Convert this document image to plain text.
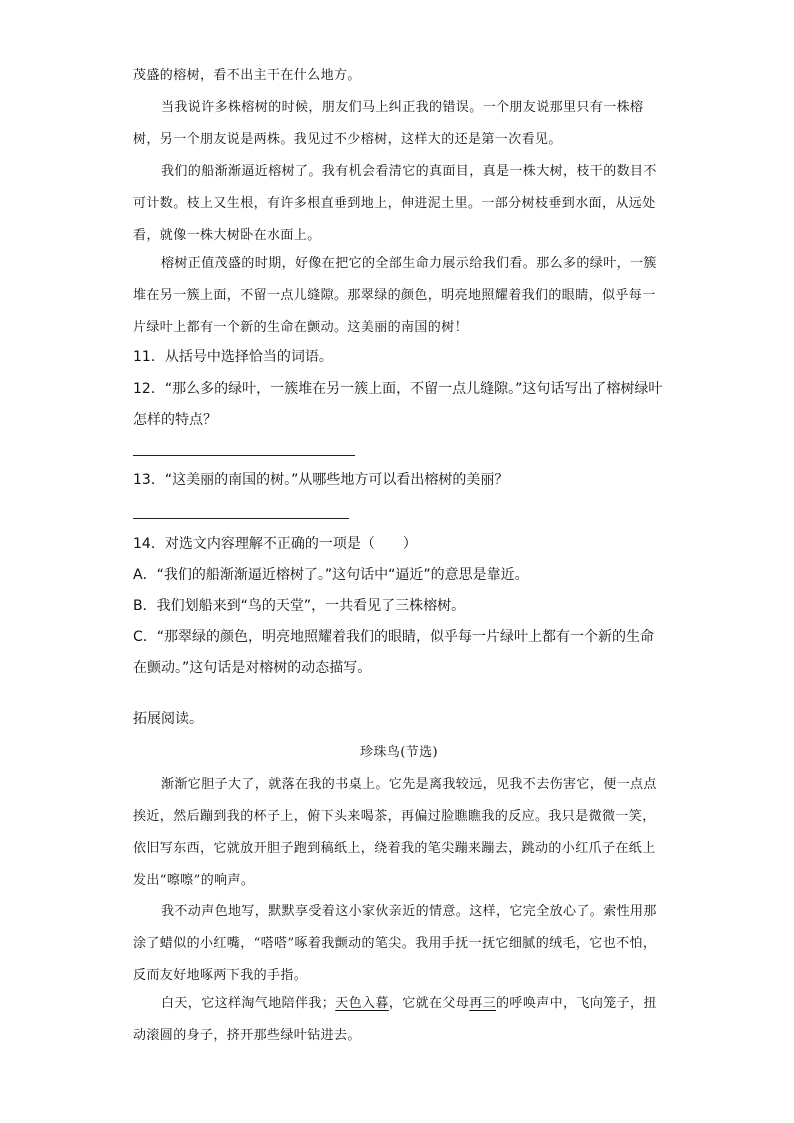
茂盛的榕树，看不出主干在什么地方。

当我说许多株榕树的时候，朋友们马上纠正我的错误。一个朋友说那里只有一株榕树，另一个朋友说是两株。我见过不少榕树，这样大的还是第一次看见。

我们的船渐渐逼近榕树了。我有机会看清它的真面目，真是一株大树，枝干的数目不可计数。枝上又生根，有许多根直垂到地上，伸进泥土里。一部分树枝垂到水面，从远处看，就像一株大树卧在水面上。

榕树正值茂盛的时期，好像在把它的全部生命力展示给我们看。那么多的绿叶，一簇堆在另一簇上面，不留一点儿缝隙。那翠绿的颜色，明亮地照耀着我们的眼睛，似乎每一片绿叶上都有一个新的生命在颤动。这美丽的南国的树！

11．从括号中选择恰当的词语。

12．“那么多的绿叶，一簇堆在另一簇上面，不留一点儿缝隙。”这句话写出了榕树绿叶怎样的特点？

13．“这美丽的南国的树。”从哪些地方可以看出榕树的美丽？

14．对选文内容理解不正确的一项是（　　）

A．“我们的船渐渐逼近榕树了。”这句话中“逼近”的意思是靠近。

B．我们划船来到“鸟的天堂”，一共看见了三株榕树。

C．“那翠绿的颜色，明亮地照耀着我们的眼睛，似乎每一片绿叶上都有一个新的生命在颤动。”这句话是对榕树的动态描写。

拓展阅读。

珍珠鸟(节选)

渐渐它胆子大了，就落在我的书桌上。它先是离我较远，见我不去伤害它，便一点点挨近，然后蹦到我的杯子上，俯下头来喝茶，再偏过脸瞧瞧我的反应。我只是微微一笑，依旧写东西，它就放开胆子跑到稿纸上，绕着我的笔尖蹦来蹦去，跳动的小红爪子在纸上发出“嚓嚓”的响声。

我不动声色地写，默默享受着这小家伙亲近的情意。这样，它完全放心了。索性用那涂了蜡似的小红嘴，“嗒嗒”啄着我颤动的笔尖。我用手抚一抚它细腻的绒毛，它也不怕，反而友好地啄两下我的手指。

白天，它这样淘气地陪伴我；天色入暮，它就在父母再三的呼唤声中，飞向笼子，扭动滚圆的身子，挤开那些绿叶钻进去。
